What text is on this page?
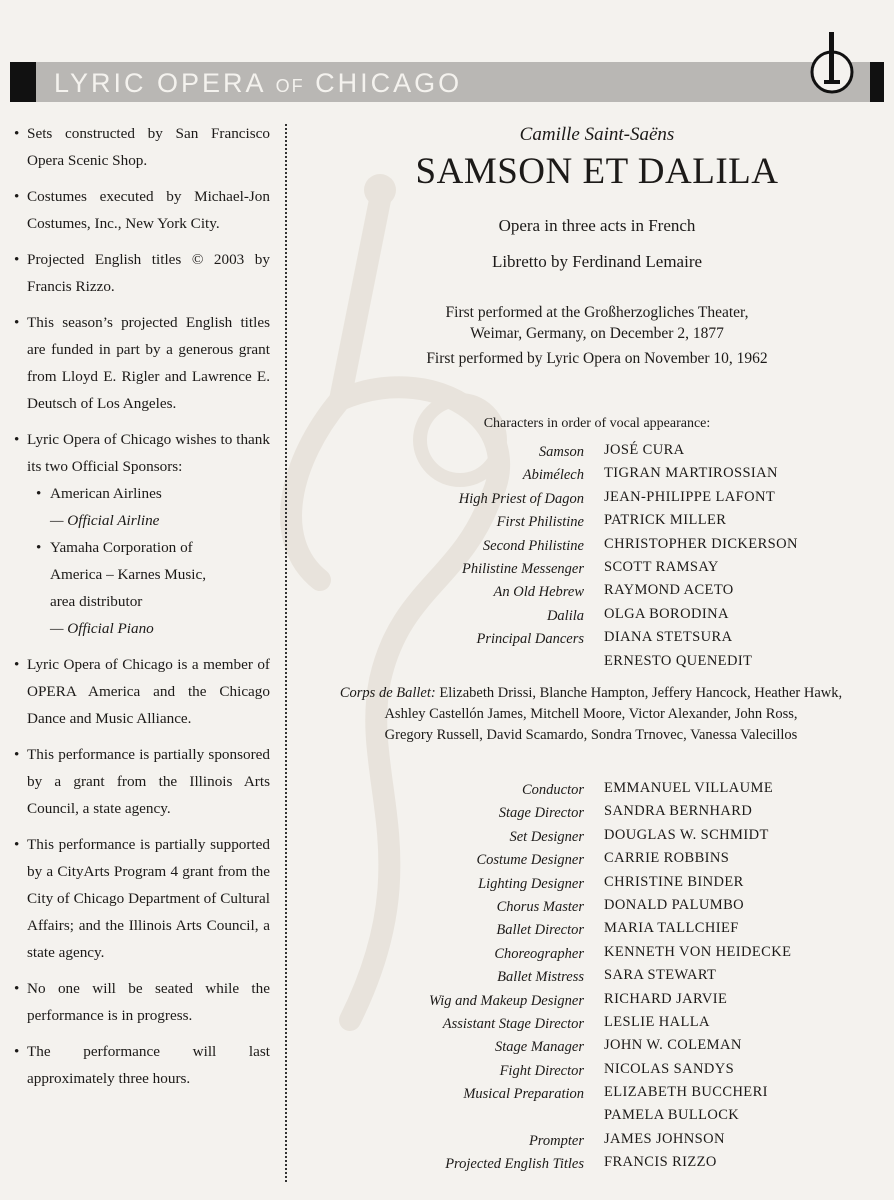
LYRIC OPERA OF CHICAGO
• Sets constructed by San Francisco Opera Scenic Shop.
• Costumes executed by Michael-Jon Costumes, Inc., New York City.
• Projected English titles © 2003 by Francis Rizzo.
• This season’s projected English titles are funded in part by a generous grant from Lloyd E. Rigler and Lawrence E. Deutsch of Los Angeles.
• Lyric Opera of Chicago wishes to thank its two Official Sponsors:
• American Airlines
— Official Airline
• Yamaha Corporation of America – Karnes Music, area distributor
— Official Piano
• Lyric Opera of Chicago is a member of OPERA America and the Chicago Dance and Music Alliance.
• This performance is partially sponsored by a grant from the Illinois Arts Council, a state agency.
• This performance is partially supported by a CityArts Program 4 grant from the City of Chicago Department of Cultural Affairs; and the Illinois Arts Council, a state agency.
• No one will be seated while the performance is in progress.
• The performance will last approximately three hours.
Camille Saint-Saëns
SAMSON ET DALILA
Opera in three acts in French
Libretto by Ferdinand Lemaire
First performed at the Großherzogliches Theater,
Weimar, Germany, on December 2, 1877
First performed by Lyric Opera on November 10, 1962
Characters in order of vocal appearance:
Samson JOSÉ CURA
Abimélech TIGRAN MARTIROSSIAN
High Priest of Dagon JEAN-PHILIPPE LAFONT
First Philistine PATRICK MILLER
Second Philistine CHRISTOPHER DICKERSON
Philistine Messenger SCOTT RAMSAY
An Old Hebrew RAYMOND ACETO
Dalila OLGA BORODINA
Principal Dancers DIANA STETSURA
ERNESTO QUENEDIT
Corps de Ballet: Elizabeth Drissi, Blanche Hampton, Jeffery Hancock, Heather Hawk,
Ashley Castellón James, Mitchell Moore, Victor Alexander, John Ross,
Gregory Russell, David Scamardo, Sondra Trnovec, Vanessa Valecillos
Conductor EMMANUEL VILLAUME
Stage Director SANDRA BERNHARD
Set Designer DOUGLAS W. SCHMIDT
Costume Designer CARRIE ROBBINS
Lighting Designer CHRISTINE BINDER
Chorus Master DONALD PALUMBO
Ballet Director MARIA TALLCHIEF
Choreographer KENNETH VON HEIDECKE
Ballet Mistress SARA STEWART
Wig and Makeup Designer RICHARD JARVIE
Assistant Stage Director LESLIE HALLA
Stage Manager JOHN W. COLEMAN
Fight Director NICOLAS SANDYS
Musical Preparation ELIZABETH BUCCHERI
PAMELA BULLOCK
Prompter JAMES JOHNSON
Projected English Titles FRANCIS RIZZO
